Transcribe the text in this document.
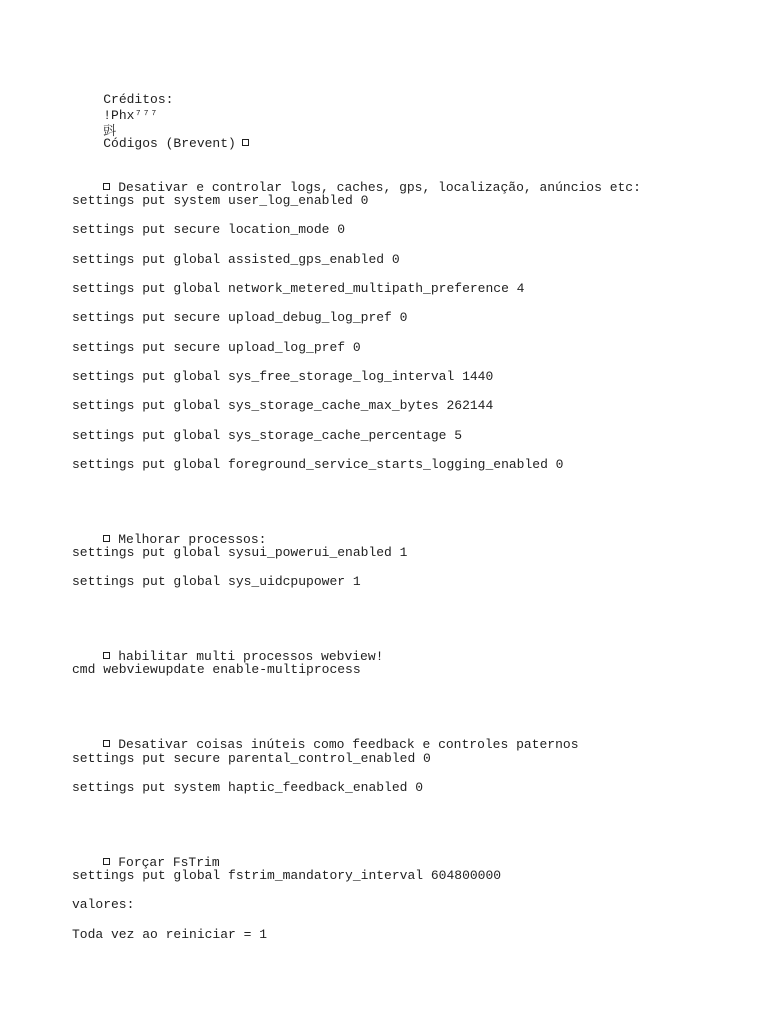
Créditos:
!Phx⁷⁷⁷
㪷

Códigos (Brevent)

Desativar e controlar logs, caches, gps, localização, anúncios etc:

settings put system user_log_enabled 0
settings put secure location_mode 0
settings put global assisted_gps_enabled 0
settings put global network_metered_multipath_preference 4
settings put secure upload_debug_log_pref 0
settings put secure upload_log_pref 0
settings put global sys_free_storage_log_interval 1440
settings put global sys_storage_cache_max_bytes 262144
settings put global sys_storage_cache_percentage 5
settings put global foreground_service_starts_logging_enabled 0

Melhorar processos:

settings put global sysui_powerui_enabled 1
settings put global sys_uidcpupower 1

habilitar multi processos webview!

cmd webviewupdate enable-multiprocess

Desativar coisas inúteis como feedback e controles paternos

settings put secure parental_control_enabled 0
settings put system haptic_feedback_enabled 0

Forçar FsTrim

settings put global fstrim_mandatory_interval 604800000
valores:
Toda vez ao reiniciar = 1
